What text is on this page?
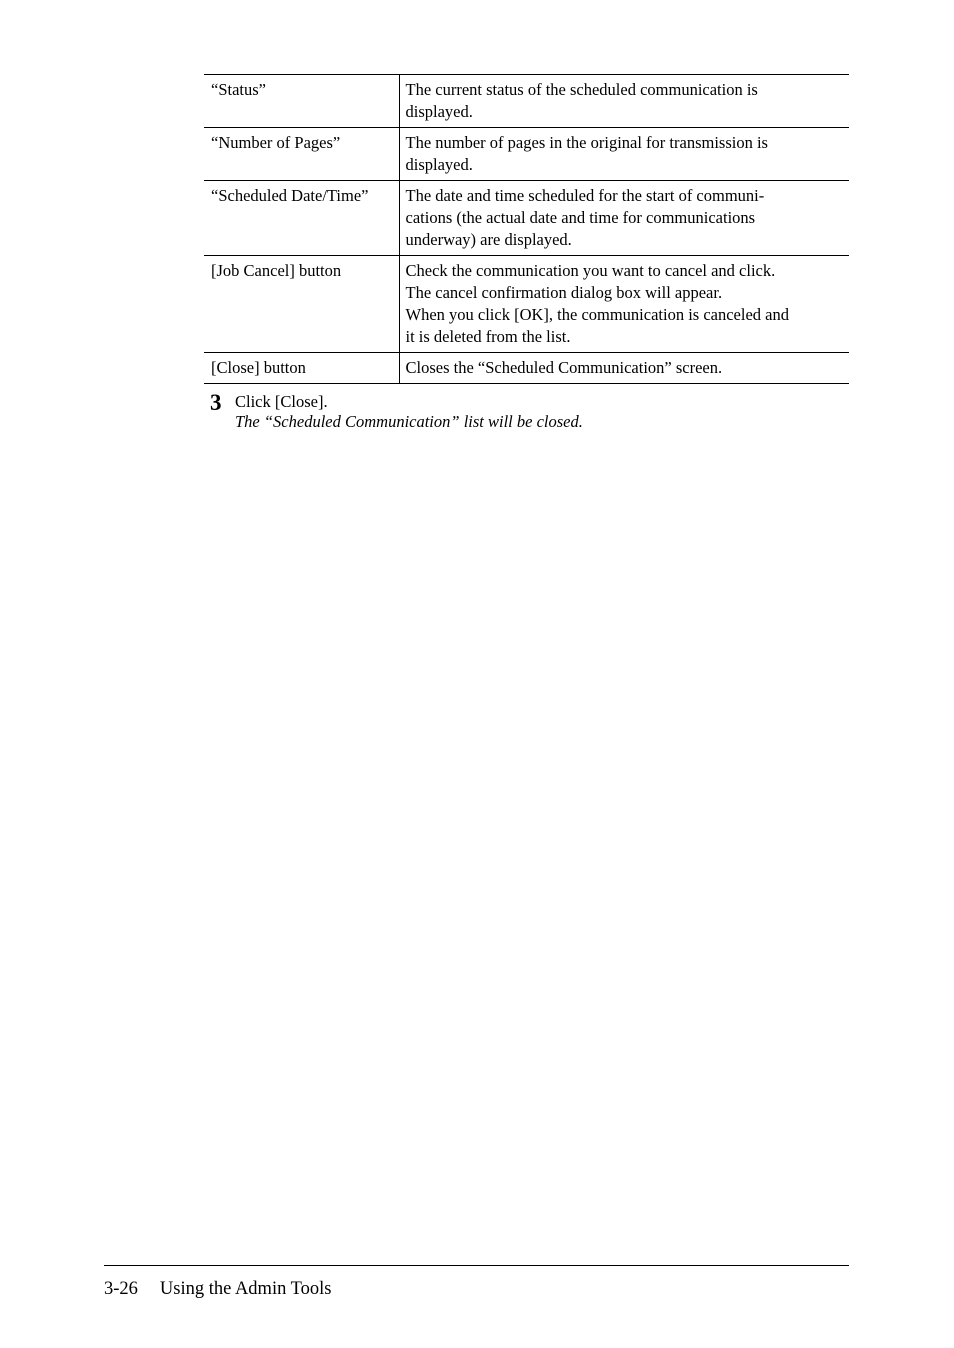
“Status”	The current status of the scheduled communication is
displayed.

“Number of Pages”	The number of pages in the original for transmission is
displayed.

“Scheduled Date/Time”	The date and time scheduled for the start of communi-
cations (the actual date and time for communications
underway) are displayed.

[Job Cancel] button	Check the communication you want to cancel and click.
The cancel confirmation dialog box will appear.
When you click [OK], the communication is canceled and
it is deleted from the list.

[Close] button	Closes the “Scheduled Communication” screen.
3 Click [Close].
The “Scheduled Communication” list will be closed.
3-26 Using the Admin Tools
